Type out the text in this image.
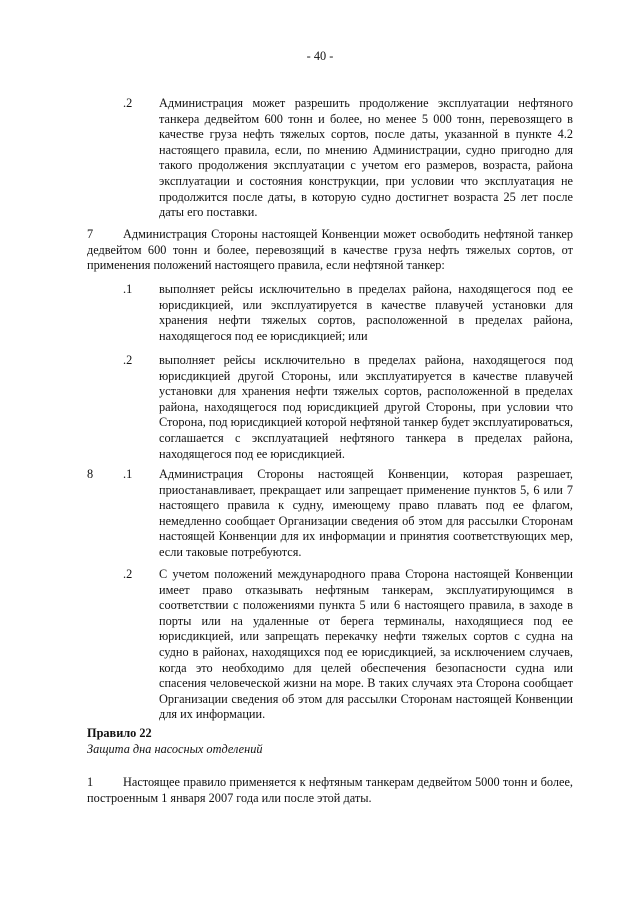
- 40 -
.2 Администрация может разрешить продолжение эксплуатации нефтяного танкера дедвейтом 600 тонн и более, но менее 5 000 тонн, перевозящего в качестве груза нефть тяжелых сортов, после даты, указанной в пункте 4.2 настоящего правила, если, по мнению Администрации, судно пригодно для такого продолжения эксплуатации с учетом его размеров, возраста, района эксплуатации и состояния конструкции, при условии что эксплуатация не продолжится после даты, в которую судно достигнет возраста 25 лет после даты его поставки.
7	Администрация Стороны настоящей Конвенции может освободить нефтяной танкер дедвейтом 600 тонн и более, перевозящий в качестве груза нефть тяжелых сортов, от применения положений настоящего правила, если нефтяной танкер:
.1 выполняет рейсы исключительно в пределах района, находящегося под ее юрисдикцией, или эксплуатируется в качестве плавучей установки для хранения нефти тяжелых сортов, расположенной в пределах района, находящегося под ее юрисдикцией; или
.2 выполняет рейсы исключительно в пределах района, находящегося под юрисдикцией другой Стороны, или эксплуатируется в качестве плавучей установки для хранения нефти тяжелых сортов, расположенной в пределах района, находящегося под юрисдикцией другой Стороны, при условии что Сторона, под юрисдикцией которой нефтяной танкер будет эксплуатироваться, соглашается с эксплуатацией нефтяного танкера в пределах района, находящегося под ее юрисдикцией.
8 .1 Администрация Стороны настоящей Конвенции, которая разрешает, приостанавливает, прекращает или запрещает применение пунктов 5, 6 или 7 настоящего правила к судну, имеющему право плавать под ее флагом, немедленно сообщает Организации сведения об этом для рассылки Сторонам настоящей Конвенции для их информации и принятия соответствующих мер, если таковые потребуются.
.2 С учетом положений международного права Сторона настоящей Конвенции имеет право отказывать нефтяным танкерам, эксплуатирующимся в соответствии с положениями пункта 5 или 6 настоящего правила, в заходе в порты или на удаленные от берега терминалы, находящиеся под ее юрисдикцией, или запрещать перекачку нефти тяжелых сортов с судна на судно в районах, находящихся под ее юрисдикцией, за исключением случаев, когда это необходимо для целей обеспечения безопасности судна или спасения человеческой жизни на море. В таких случаях эта Сторона сообщает Организации сведения об этом для рассылки Сторонам настоящей Конвенции для их информации.
Правило 22
Защита дна насосных отделений
1	Настоящее правило применяется к нефтяным танкерам дедвейтом 5000 тонн и более, построенным 1 января 2007 года или после этой даты.
